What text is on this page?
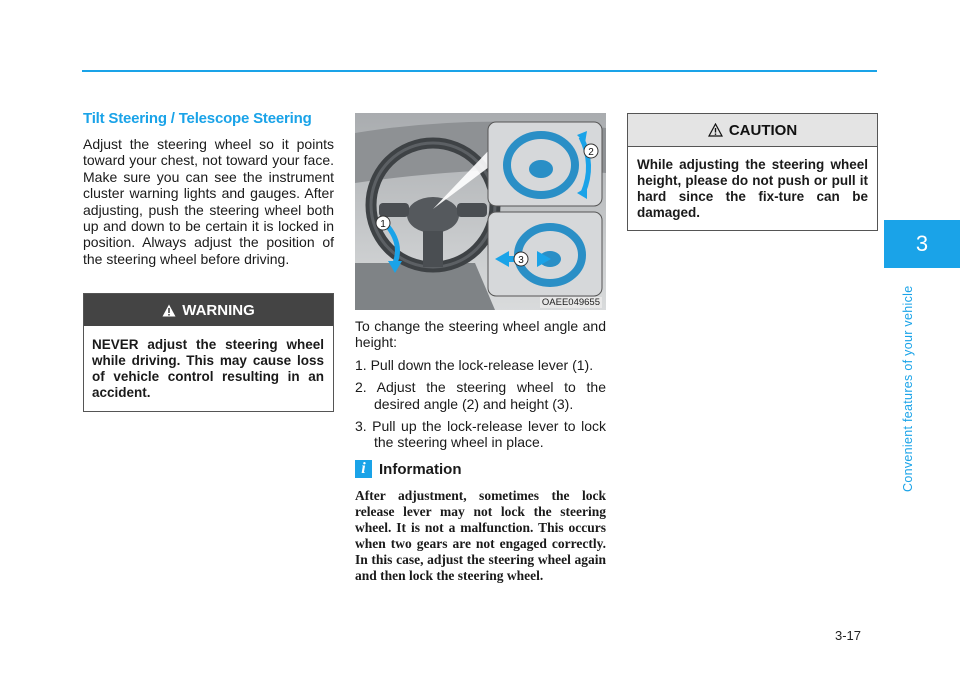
3
Convenient features of your vehicle
3-17
Tilt Steering / Telescope Steering

Adjust the steering wheel so it points toward your chest, not toward your face. Make sure you can see the instrument cluster warning lights and gauges. After adjusting, push the steering wheel both up and down to be certain it is locked in position. Always adjust the position of the steering wheel before driving.

WARNING
NEVER adjust the steering wheel while driving. This may cause loss of vehicle control resulting in an accident.
1
2
3
OAEE049655

To change the steering wheel angle and height:

1. Pull down the lock-release lever (1).
2. Adjust the steering wheel to the desired angle (2) and height (3).
3. Pull up the lock-release lever to lock the steering wheel in place.
i Information

After adjustment, sometimes the lock release lever may not lock the steering wheel. It is not a malfunction. This occurs when two gears are not engaged correctly. In this case, adjust the steering wheel again and then lock the steering wheel.

CAUTION
While adjusting the steering wheel height, please do not push or pull it hard since the fix-ture can be damaged.
